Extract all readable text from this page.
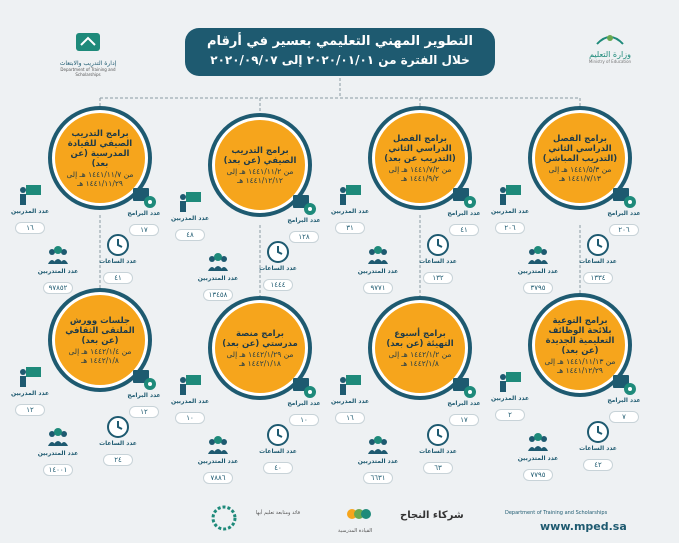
التطوير المهني التعليمي بعسير في أرقام
خلال الفترة من ٢٠٢٠/٠١/٠١ إلى ٢٠٢٠/٠٩/٠٧
إدارة التدريب والابتعاث
Department of Training and Scholarships
وزارة التعليم
Ministry of Education
برامج الفصل الدراسي الثاني (التدريب المباشر)
من ١٤٤١/٥/٣ هـ إلى ١٤٤١/٧/١٣ هـ
عدد البرامج
٢٠٦
عدد المدربين
٢٠٦
عدد الساعات
١٣٣٤
عدد المتدربين
٣٧٩٥
برامج الفصل الدراسي الثاني (التدريب عن بعد)
من ١٤٤١/٧/٢ هـ إلى ١٤٤١/٩/٢ هـ
عدد البرامج
٤١
عدد المدربين
٣١
عدد الساعات
١٣٢
عدد المتدربين
٩٧٧١
برامج التدريب الصيفي (عن بعد)
من ١٤٤١/١١/٢ هـ إلى ١٤٤١/١٢/١٢ هـ
عدد البرامج
١٢٨
عدد المدربين
٤٨
عدد الساعات
١٤٤٤
عدد المتدربين
١٣٤٥٨
برامج التدريب الصيفي للقيادة المدرسية (عن بعد)
من ١٤٤١/١١/٧ هـ إلى ١٤٤١/١١/٢٩ هـ
عدد البرامج
١٧
عدد المدربين
١٦
عدد الساعات
٤١
عدد المتدربين
٩٧٨٥٢
برامج التوعية بلائحة الوظائف التعليمية الجديدة (عن بعد)
من ١٤٤١/١١/١٣ هـ إلى ١٤٤١/١٢/٢٩ هـ
عدد البرامج
٧
عدد المدربين
٢
عدد الساعات
٤٢
عدد المتدربين
٧٧٩٥
برامج أسبوع التهيئة (عن بعد)
من ١٤٤٢/١/٢ هـ إلى ١٤٤٢/١/٨ هـ
عدد البرامج
١٧
عدد المدربين
١٦
عدد الساعات
٦٣
عدد المتدربين
٦٦٣١
برامج منصة مدرستي (عن بعد)
من ١٤٤٢/١/٢٩ هـ إلى ١٤٤٢/١/١٨ هـ
عدد البرامج
١٠
عدد المدربين
١٠
عدد الساعات
٤٠
عدد المتدربين
٧٨٨٦
جلسات وورش الملتقى الثقافي (عن بعد)
من ١٤٤٢/١/٤ هـ إلى ١٤٤٢/١/٨ هـ
عدد البرامج
١٢
عدد المدربين
١٢
عدد الساعات
٢٤
عدد المتدربين
١٤٠٠١
Department of Training and Scholarships
www.mped.sa
شركاء النجاح
القيادة المدرسية
قائد ومتابعة تعليم أبها
